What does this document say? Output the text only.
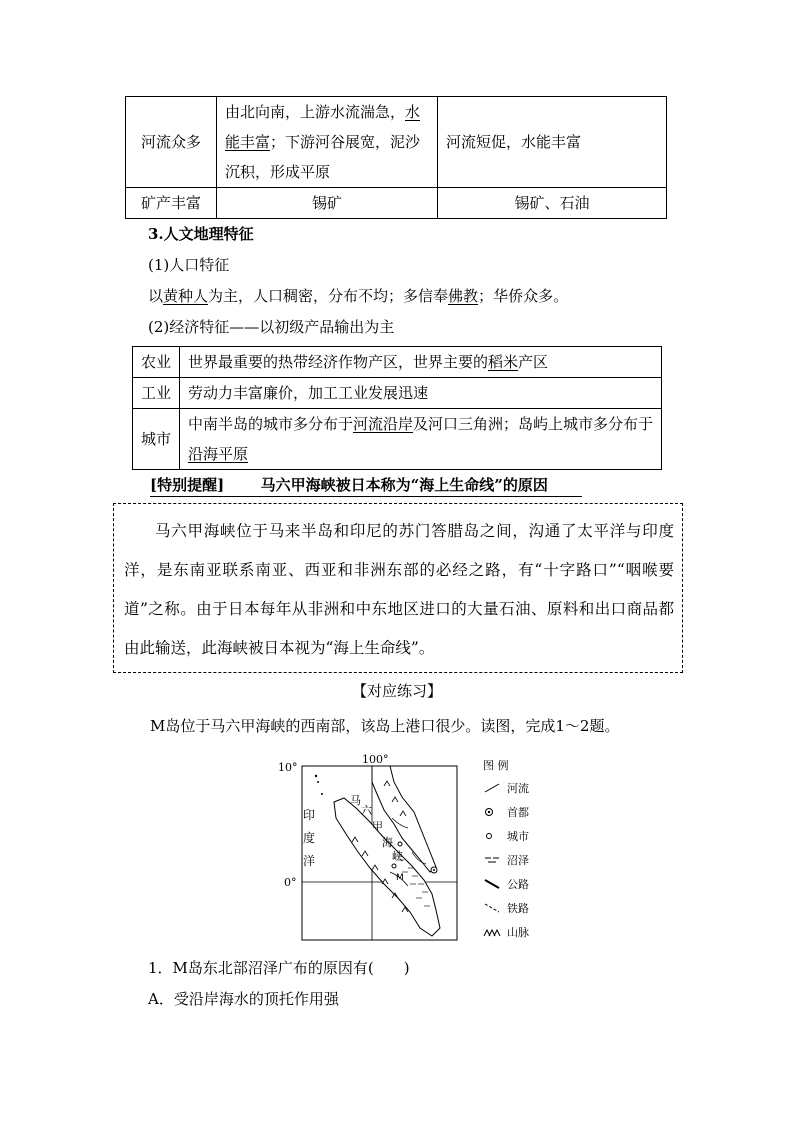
河流众多	由北向南，上游水流湍急，水能丰富；下游河谷展宽，泥沙沉积，形成平原	河流短促，水能丰富
矿产丰富	锡矿	锡矿、石油
3.人文地理特征
(1)人口特征
以黄种人为主，人口稠密，分布不均；多信奉佛教；华侨众多。
(2)经济特征——以初级产品输出为主
农业	世界最重要的热带经济作物产区，世界主要的稻米产区
工业	劳动力丰富廉价，加工工业发展迅速
城市	中南半岛的城市多分布于河流沿岸及河口三角洲；岛屿上城市多分布于沿海平原
[特别提醒] 马六甲海峡被日本称为“海上生命线”的原因
马六甲海峡位于马来半岛和印尼的苏门答腊岛之间，沟通了太平洋与印度洋，是东南亚联系南亚、西亚和非洲东部的必经之路，有“十字路口”“咽喉要道”之称。由于日本每年从非洲和中东地区进口的大量石油、原料和出口商品都由此输送，此海峡被日本视为“海上生命线”。
【对应练习】
M岛位于马六甲海峡的西南部，该岛上港口很少。读图，完成1～2题。
10°
100°
0°
印
度
洋
马
六
甲
海
峡
M
图 例
河流
首都
城市
沼泽
公路
铁路
山脉
1．M岛东北部沼泽广布的原因有(　　)
A．受沿岸海水的顶托作用强
